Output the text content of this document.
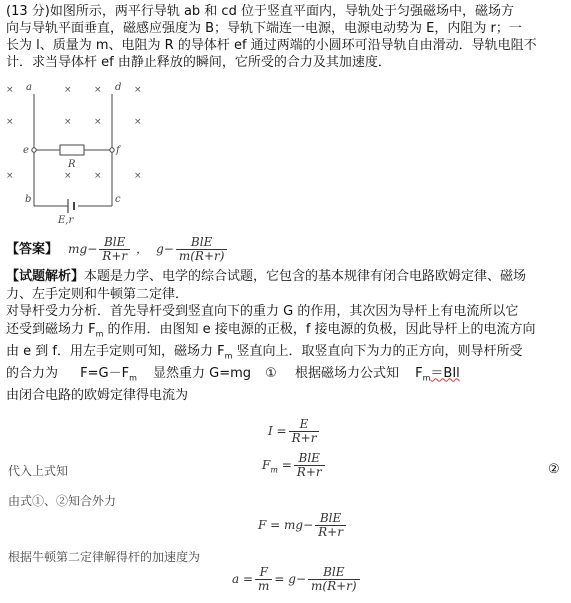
(13 分)如图所示，两平行导轨 ab 和 cd 位于竖直平面内，导轨处于匀强磁场中，磁场方
向与导轨平面垂直，磁感应强度为 B；导轨下端连一电源，电源电动势为 E，内阻为 r；一
长为 l、质量为 m、电阻为 R 的导体杆 ef 通过两端的小圆环可沿导轨自由滑动．导轨电阻不
计．求当导体杆 ef 由静止释放的瞬间，它所受的合力及其加速度．
×	× ×	×
×	× ×	×
×	× ×	×
a	d
e	f
R
b	c
E,r
【答案】 $mg- \frac{\text{BlE}}{R+r}$ ， $g- \frac{\text{BlE}}{m(R+r)}$
【试题解析】本题是力学、电学的综合试题，它包含的基本规律有闭合电路欧姆定律、磁场
力、左手定则和牛顿第二定律．
对导杆受力分析．首先导杆受到竖直向下的重力 G 的作用，其次因为导杆上有电流所以它
还受到磁场力 $F_m$ 的作用．由图知 e 接电源的正极，f 接电源的负极，因此导杆上的电流方向
由 e 到 f．用左手定则可知，磁场力 $F_m$ 竖直向上．取竖直向下为力的正方向，则导杆所受
的合力为 $F=G-F_m$ 显然重力 G=mg ① 根据磁场力公式知 $F_m=BIl$
由闭合电路的欧姆定律得电流为
$I = \frac{E}{R+r}$
代入上式知	$F_m = \frac{\text{BlE}}{R+r}$	②
由式①、②知合外力
$F = mg- \frac{\text{BlE}}{R+r}$
根据牛顿第二定律解得杆的加速度为
$a = \frac{F}{m} = g- \frac{\text{BlE}}{m(R+r)}$
